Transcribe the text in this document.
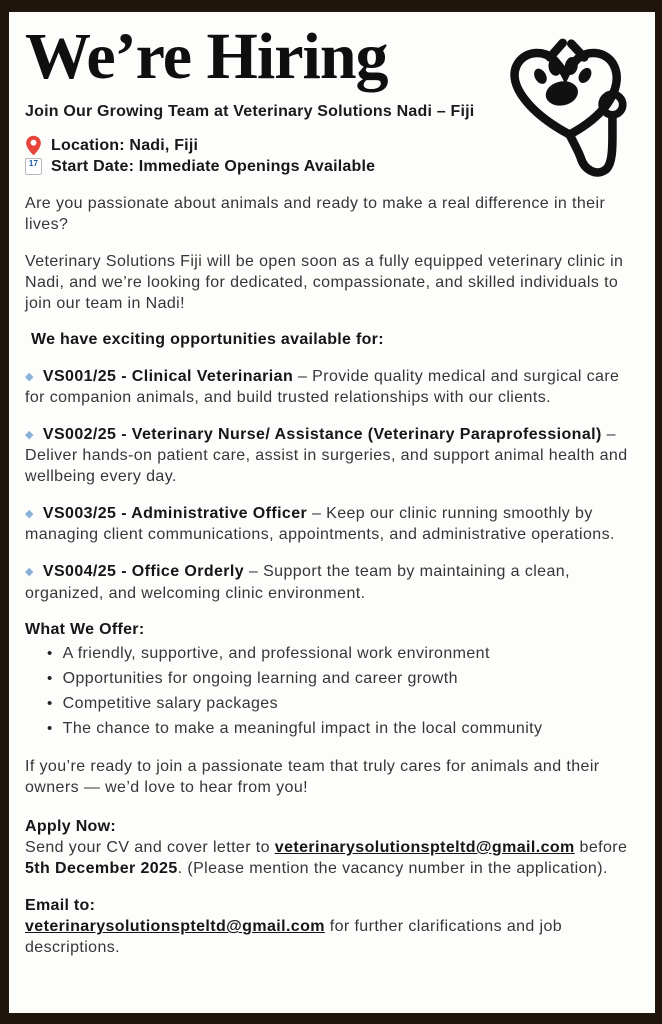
We’re Hiring
Join Our Growing Team at Veterinary Solutions Nadi – Fiji
Location: Nadi, Fiji
17 Start Date: Immediate Openings Available

Are you passionate about animals and ready to make a real difference in their lives?

Veterinary Solutions Fiji will be open soon as a fully equipped veterinary clinic in Nadi, and we’re looking for dedicated, compassionate, and skilled individuals to join our team in Nadi!

We have exciting opportunities available for:

◆ VS001/25 - Clinical Veterinarian – Provide quality medical and surgical care for companion animals, and build trusted relationships with our clients.

◆ VS002/25 - Veterinary Nurse/ Assistance (Veterinary Paraprofessional) – Deliver hands-on patient care, assist in surgeries, and support animal health and wellbeing every day.

◆ VS003/25 - Administrative Officer – Keep our clinic running smoothly by managing client communications, appointments, and administrative operations.

◆ VS004/25 - Office Orderly – Support the team by maintaining a clean, organized, and welcoming clinic environment.

What We Offer:

• A friendly, supportive, and professional work environment
• Opportunities for ongoing learning and career growth
• Competitive salary packages
• The chance to make a meaningful impact in the local community

If you’re ready to join a passionate team that truly cares for animals and their owners — we’d love to hear from you!

Apply Now:
Send your CV and cover letter to veterinarysolutionspteltd@gmail.com before 5th December 2025. (Please mention the vacancy number in the application).
Email to:
veterinarysolutionspteltd@gmail.com for further clarifications and job descriptions.
